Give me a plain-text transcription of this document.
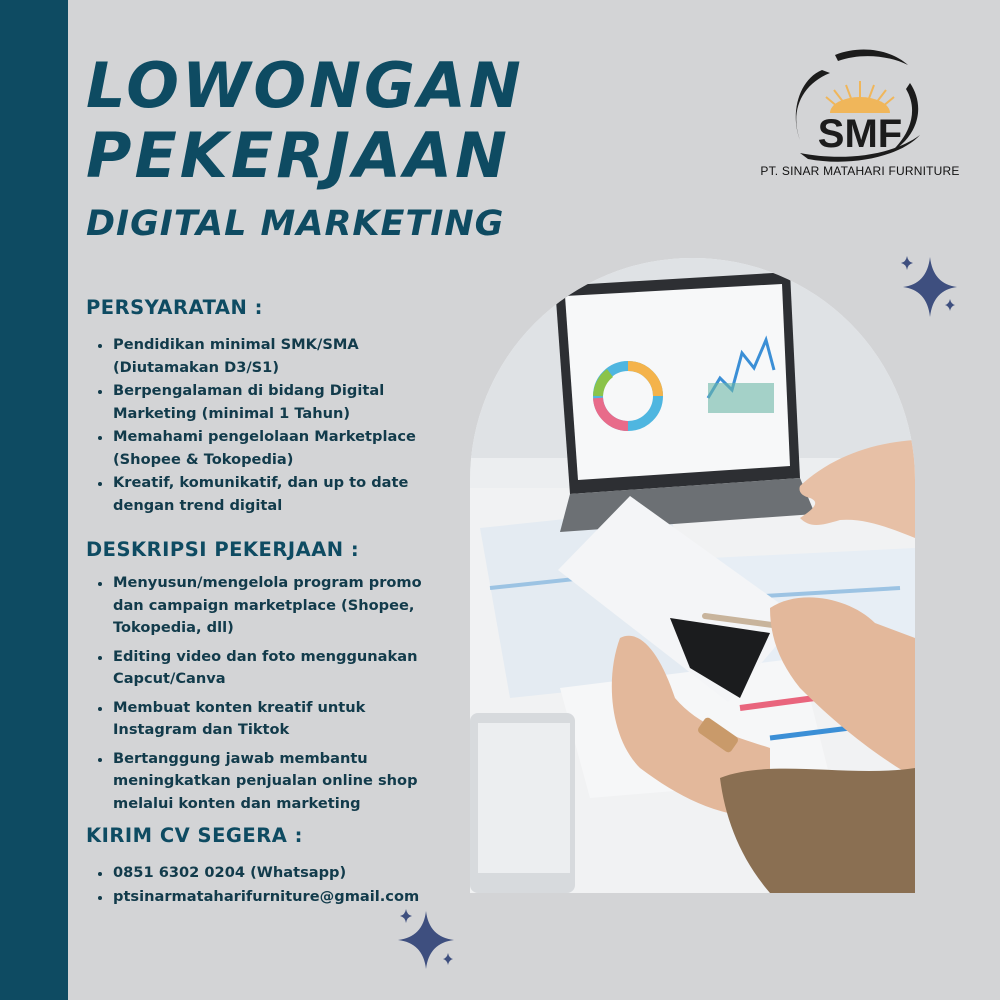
LOWONGAN
PEKERJAAN
DIGITAL MARKETING
SMF
PT. SINAR MATAHARI FURNITURE
PERSYARATAN :
Pendidikan minimal SMK/SMA (Diutamakan D3/S1)
Berpengalaman di bidang Digital Marketing (minimal 1 Tahun)
Memahami pengelolaan Marketplace (Shopee & Tokopedia)
Kreatif, komunikatif, dan up to date dengan trend digital
DESKRIPSI PEKERJAAN :
Menyusun/mengelola program promo dan campaign marketplace (Shopee, Tokopedia, dll)
Editing video dan foto menggunakan Capcut/Canva
Membuat konten kreatif untuk Instagram dan Tiktok
Bertanggung jawab membantu meningkatkan penjualan online shop melalui konten dan marketing
KIRIM CV SEGERA :
0851 6302 0204 (Whatsapp)
ptsinarmataharifurniture@gmail.com
